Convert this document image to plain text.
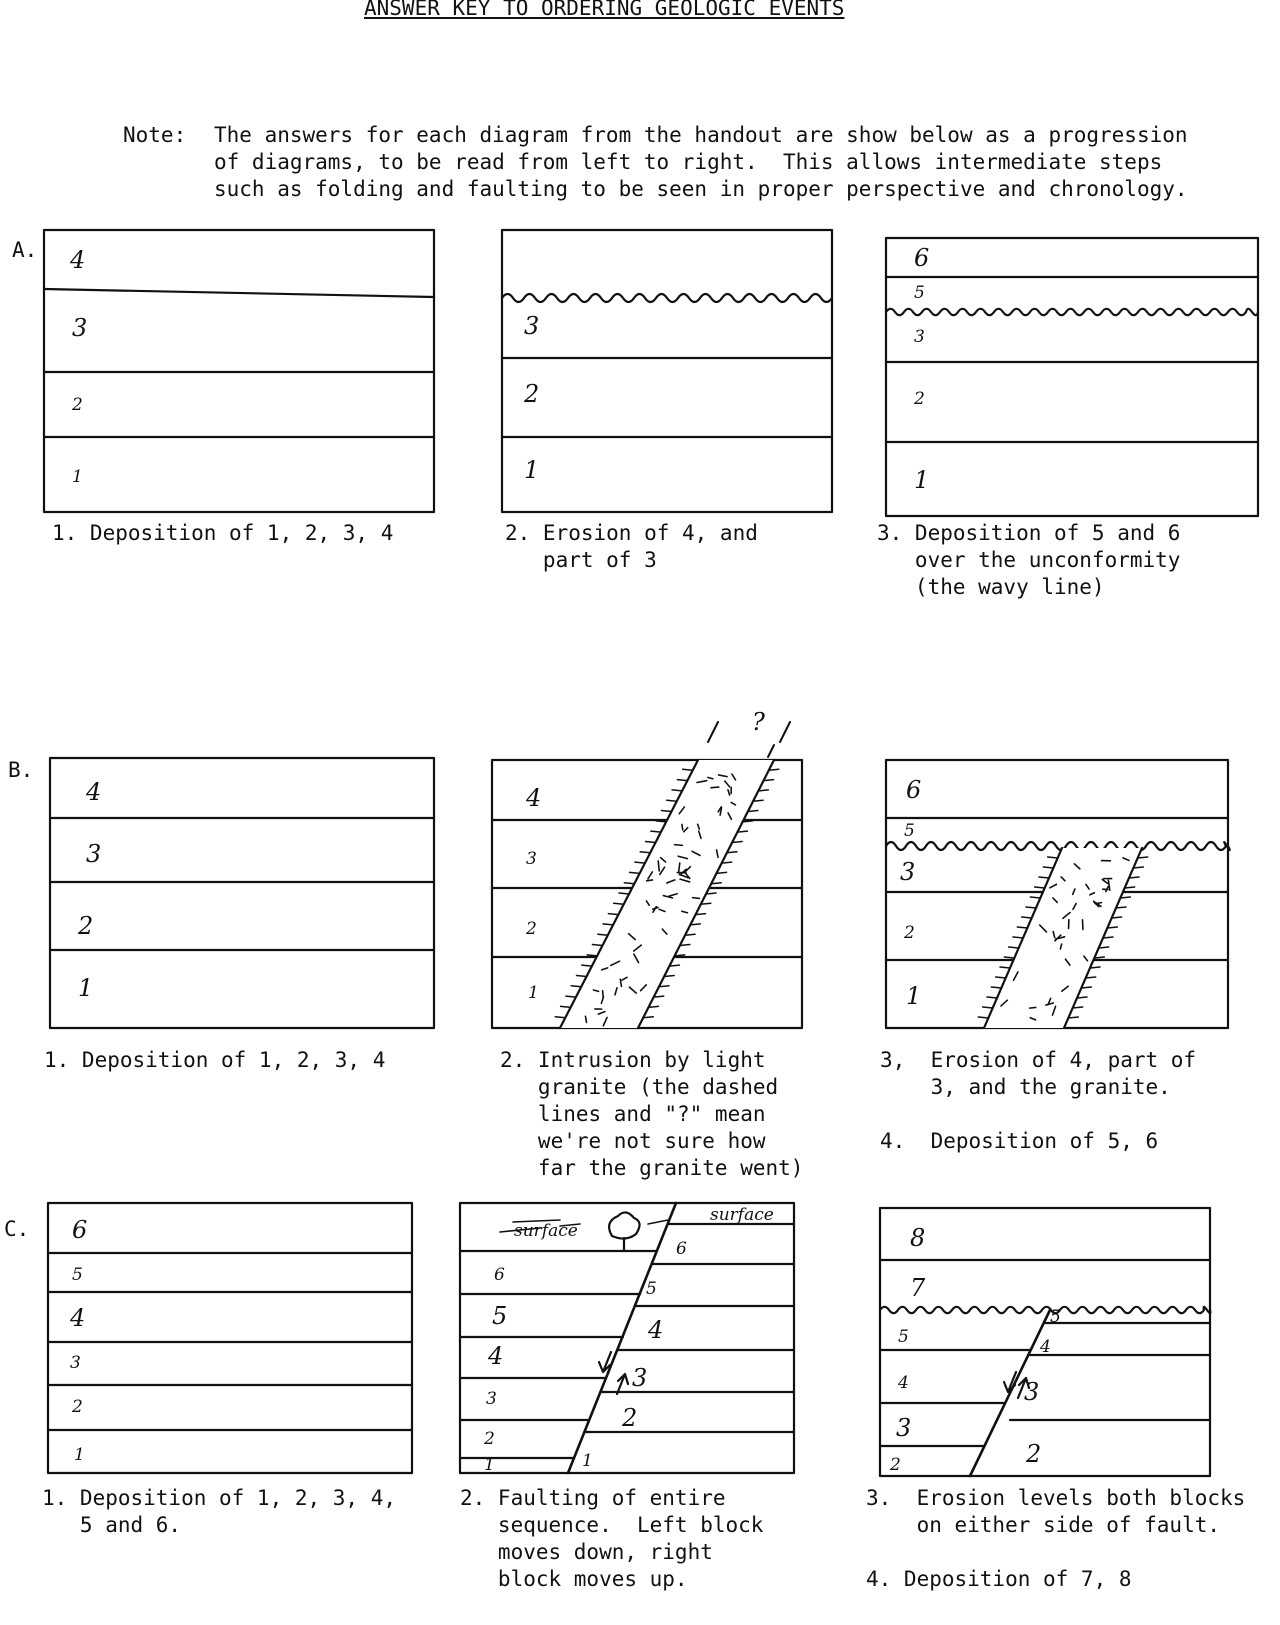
ANSWER KEY TO ORDERING GEOLOGIC EVENTS
Note: The answers for each diagram from the handout are show below as a progression
of diagrams, to be read from left to right.  This allows intermediate steps
such as folding and faulting to be seen in proper perspective and chronology.
A.
B.
C.
1. Deposition of 1, 2, 3, 4	2. Erosion of 4, and
part of 3
3. Deposition of 5 and 6
over the unconformity
(the wavy line)
1. Deposition of 1, 2, 3, 4	2. Intrusion by light
granite (the dashed
lines and "?" mean
we're not sure how
far the granite went)
3,  Erosion of 4, part of
3, and the granite.

4.  Deposition of 5, 6
1. Deposition of 1, 2, 3, 4,
5 and 6.
2. Faulting of entire
sequence.  Left block
moves down, right
block moves up.
3.  Erosion levels both blocks
on either side of fault.

4. Deposition of 7, 8
4
3
2
1
3
2
1
6
5
3
2
1
4
3
2
1
4
3
2
1
?
6
5
3
2
1
6
5
4
3
2
1
6
5
4
3
2
1
6
5
4
3
2
1
surface
surface
8
7
5
4
3
2
5
4
3
2
